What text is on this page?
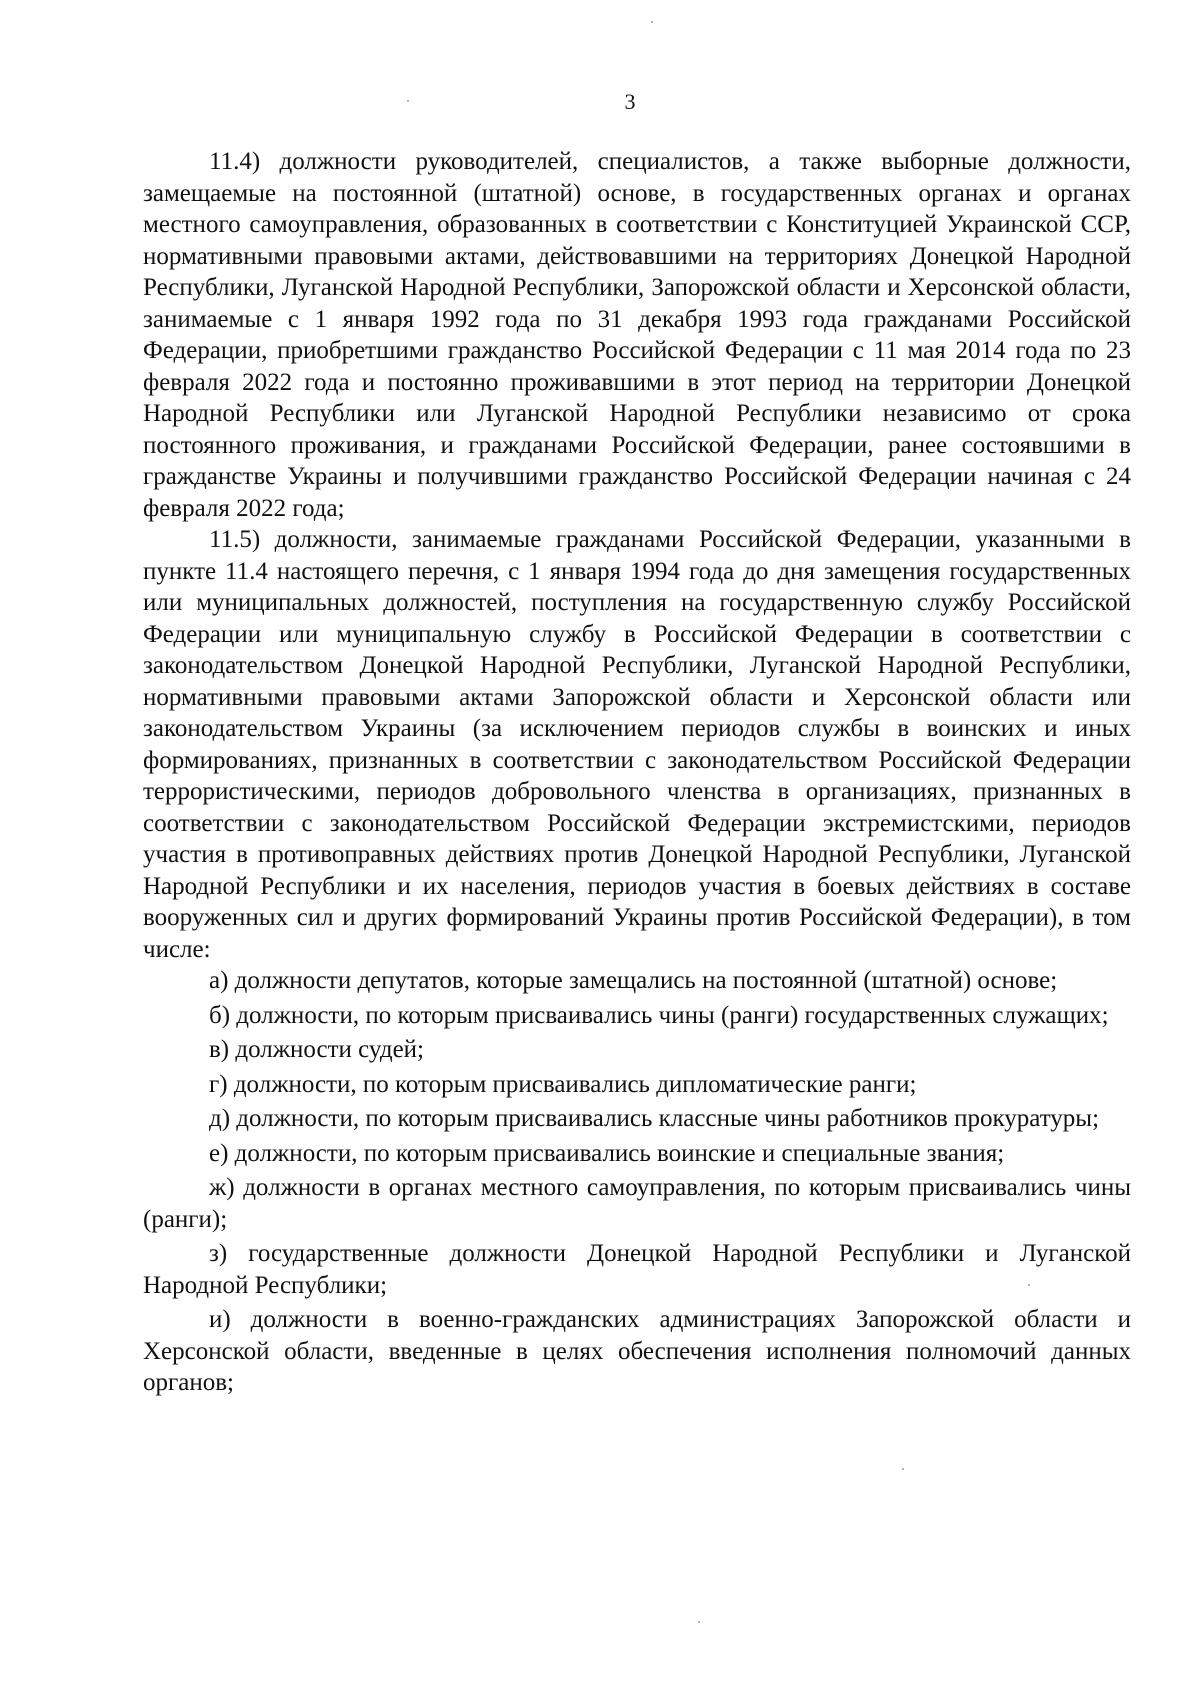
3

11.4) должности руководителей, специалистов, а также выборные должности, замещаемые на постоянной (штатной) основе, в государственных органах и органах местного самоуправления, образованных в соответствии с Конституцией Украинской ССР, нормативными правовыми актами, действовавшими на территориях Донецкой Народной Республики, Луганской Народной Республики, Запорожской области и Херсонской области, занимаемые с 1 января 1992 года по 31 декабря 1993 года гражданами Российской Федерации, приобретшими гражданство Российской Федерации с 11 мая 2014 года по 23 февраля 2022 года и постоянно проживавшими в этот период на территории Донецкой Народной Республики или Луганской Народной Республики независимо от срока постоянного проживания, и гражданами Российской Федерации, ранее состоявшими в гражданстве Украины и получившими гражданство Российской Федерации начиная с 24 февраля 2022 года;

11.5) должности, занимаемые гражданами Российской Федерации, указанными в пункте 11.4 настоящего перечня, с 1 января 1994 года до дня замещения государственных или муниципальных должностей, поступления на государственную службу Российской Федерации или муниципальную службу в Российской Федерации в соответствии с законодательством Донецкой Народной Республики, Луганской Народной Республики, нормативными правовыми актами Запорожской области и Херсонской области или законодательством Украины (за исключением периодов службы в воинских и иных формированиях, признанных в соответствии с законодательством Российской Федерации террористическими, периодов добровольного членства в организациях, признанных в соответствии с законодательством Российской Федерации экстремистскими, периодов участия в противоправных действиях против Донецкой Народной Республики, Луганской Народной Республики и их населения, периодов участия в боевых действиях в составе вооруженных сил и других формирований Украины против Российской Федерации), в том числе:

а) должности депутатов, которые замещались на постоянной (штатной) основе;

б) должности, по которым присваивались чины (ранги) государственных служащих;

в) должности судей;

г) должности, по которым присваивались дипломатические ранги;

д) должности, по которым присваивались классные чины работников прокуратуры;

е) должности, по которым присваивались воинские и специальные звания;

ж) должности в органах местного самоуправления, по которым присваивались чины (ранги);

з) государственные должности Донецкой Народной Республики и Луганской Народной Республики;

и) должности в военно-гражданских администрациях Запорожской области и Херсонской области, введенные в целях обеспечения исполнения полномочий данных органов;
